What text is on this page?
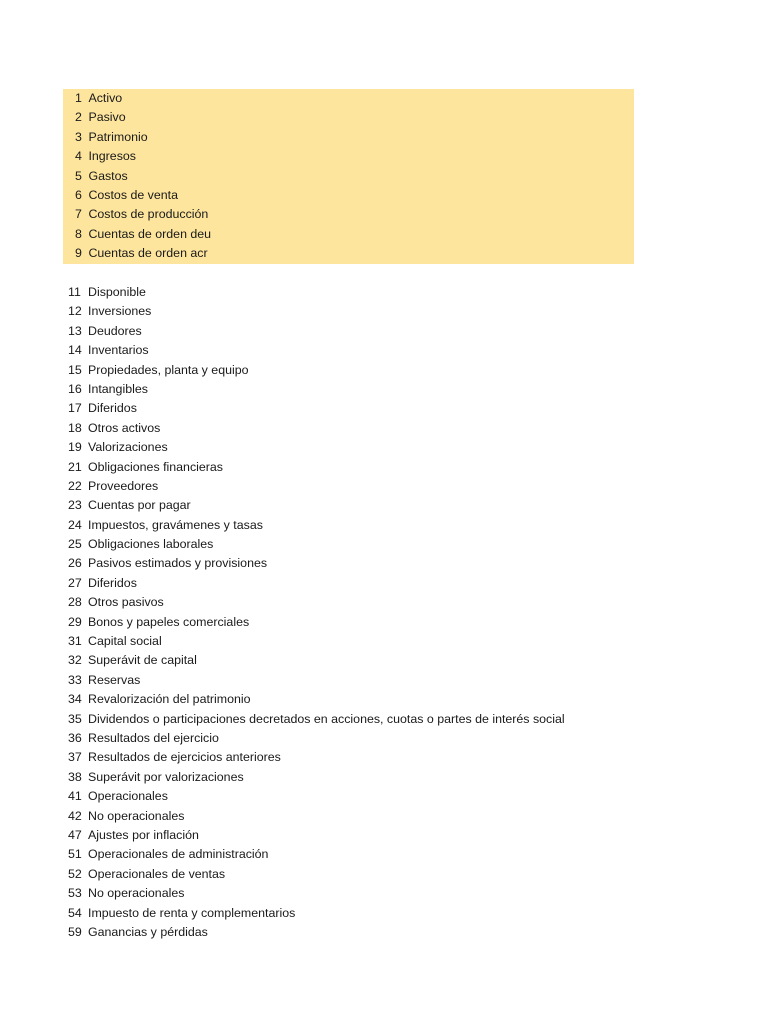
1 Activo
2 Pasivo
3 Patrimonio
4 Ingresos
5 Gastos
6 Costos de venta
7 Costos de producción
8 Cuentas de orden deu
9 Cuentas de orden acr
11 Disponible
12 Inversiones
13 Deudores
14 Inventarios
15 Propiedades, planta y equipo
16 Intangibles
17 Diferidos
18 Otros activos
19 Valorizaciones
21 Obligaciones financieras
22 Proveedores
23 Cuentas por pagar
24 Impuestos, gravámenes y tasas
25 Obligaciones laborales
26 Pasivos estimados y provisiones
27 Diferidos
28 Otros pasivos
29 Bonos y papeles comerciales
31 Capital social
32 Superávit de capital
33 Reservas
34 Revalorización del patrimonio
35 Dividendos o participaciones decretados en acciones, cuotas o partes de interés social
36 Resultados del ejercicio
37 Resultados de ejercicios anteriores
38 Superávit por valorizaciones
41 Operacionales
42 No operacionales
47 Ajustes por inflación
51 Operacionales de administración
52 Operacionales de ventas
53 No operacionales
54 Impuesto de renta y complementarios
59 Ganancias y pérdidas
